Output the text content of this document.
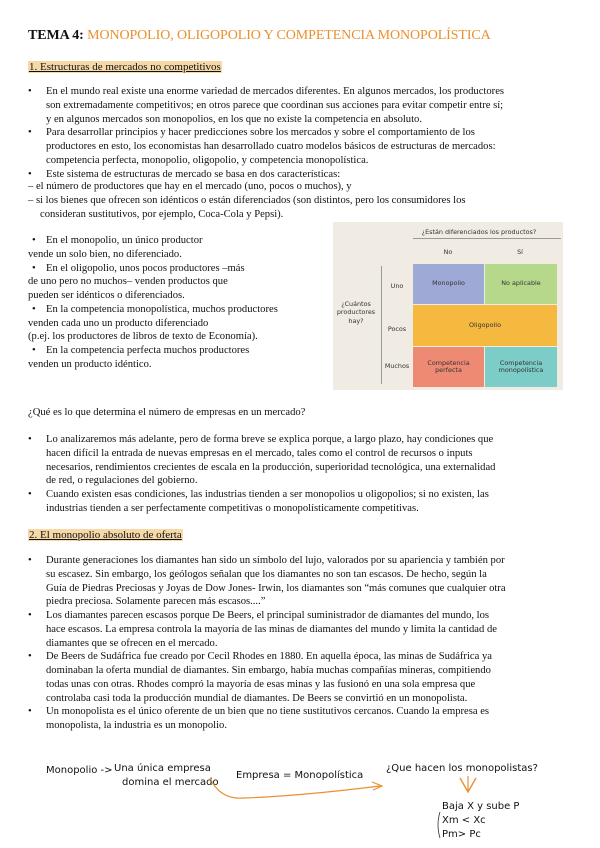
TEMA 4: MONOPOLIO, OLIGOPOLIO Y COMPETENCIA MONOPOLÍSTICA
1. Estructuras de mercados no competitivos
• En el mundo real existe una enorme variedad de mercados diferentes. En algunos mercados, los productores
son extremadamente competitivos; en otros parece que coordinan sus acciones para evitar competir entre sí;
y en algunos mercados son monopolios, en los que no existe la competencia en absoluto.
• Para desarrollar principios y hacer predicciones sobre los mercados y sobre el comportamiento de los
productores en esto, los economistas han desarrollado cuatro modelos básicos de estructuras de mercados:
competencia perfecta, monopolio, oligopolio, y competencia monopolística.
• Este sistema de estructuras de mercado se basa en dos características:
– el número de productores que hay en el mercado (uno, pocos o muchos), y
– si los bienes que ofrecen son idénticos o están diferenciados (son distintos, pero los consumidores los
consideran sustitutivos, por ejemplo, Coca-Cola y Pepsi).
• En el monopolio, un único productor
vende un solo bien, no diferenciado.
• En el oligopolio, unos pocos productores –más
de uno pero no muchos– venden productos que
pueden ser idénticos o diferenciados.
• En la competencia monopolística, muchos productores
venden cada uno un producto diferenciado
(p.ej. los productores de libros de texto de Economía).
• En la competencia perfecta muchos productores
venden un producto idéntico.
¿Están diferenciados los productos?
No	Sí
¿Cuántos
productores
hay?
Uno
Pocos
Muchos
Monopolio	No aplicable
Oligopolio
Competencia
perfecta
Competencia
monopolística
¿Qué es lo que determina el número de empresas en un mercado?
• Lo analizaremos más adelante, pero de forma breve se explica porque, a largo plazo, hay condiciones que
hacen difícil la entrada de nuevas empresas en el mercado, tales como el control de recursos o inputs
necesarios, rendimientos crecientes de escala en la producción, superioridad tecnológica, una externalidad
de red, o regulaciones del gobierno.
• Cuando existen esas condiciones, las industrias tienden a ser monopolios u oligopolios; si no existen, las
industrias tienden a ser perfectamente competitivas o monopolísticamente competitivas.
2. El monopolio absoluto de oferta
• Durante generaciones los diamantes han sido un símbolo del lujo, valorados por su apariencia y también por
su escasez. Sin embargo, los geólogos señalan que los diamantes no son tan escasos. De hecho, según la
Guía de Piedras Preciosas y Joyas de Dow Jones- Irwin, los diamantes son “más comunes que cualquier otra
piedra preciosa. Solamente parecen más escasos....”
• Los diamantes parecen escasos porque De Beers, el principal suministrador de diamantes del mundo, los
hace escasos. La empresa controla la mayoría de las minas de diamantes del mundo y limita la cantidad de
diamantes que se ofrecen en el mercado.
• De Beers de Sudáfrica fue creado por Cecil Rhodes en 1880. En aquella época, las minas de Sudáfrica ya
dominaban la oferta mundial de diamantes. Sin embargo, había muchas compañías mineras, compitiendo
todas unas con otras. Rhodes compró la mayoría de esas minas y las fusionó en una sola empresa que
controlaba casi toda la producción mundial de diamantes. De Beers se convirtió en un monopolista.
• Un monopolista es el único oferente de un bien que no tiene sustitutivos cercanos. Cuando la empresa es
monopolista, la industria es un monopolio.
Monopolio -> Una única empresa
domina el mercado
Empresa = Monopolística
¿Que hacen los monopolistas?
Baja X y sube P
Xm < Xc
Pm> Pc
